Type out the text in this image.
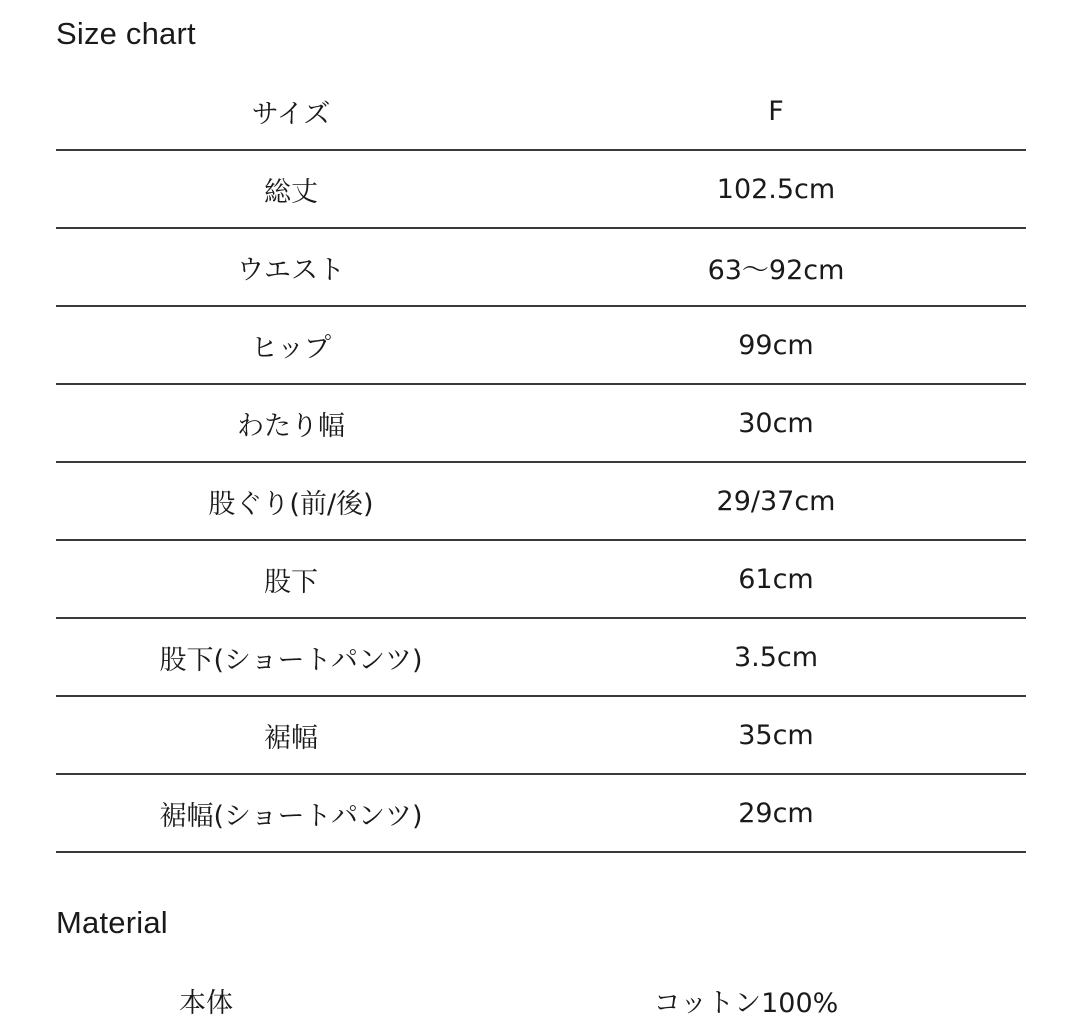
Size chart
サイズ	F
総丈	102.5cm
ウエスト	63〜92cm
ヒップ	99cm
わたり幅	30cm
股ぐり(前/後)	29/37cm
股下	61cm
股下(ショートパンツ)	3.5cm
裾幅	35cm
裾幅(ショートパンツ)	29cm
Material
本体	コットン100%
